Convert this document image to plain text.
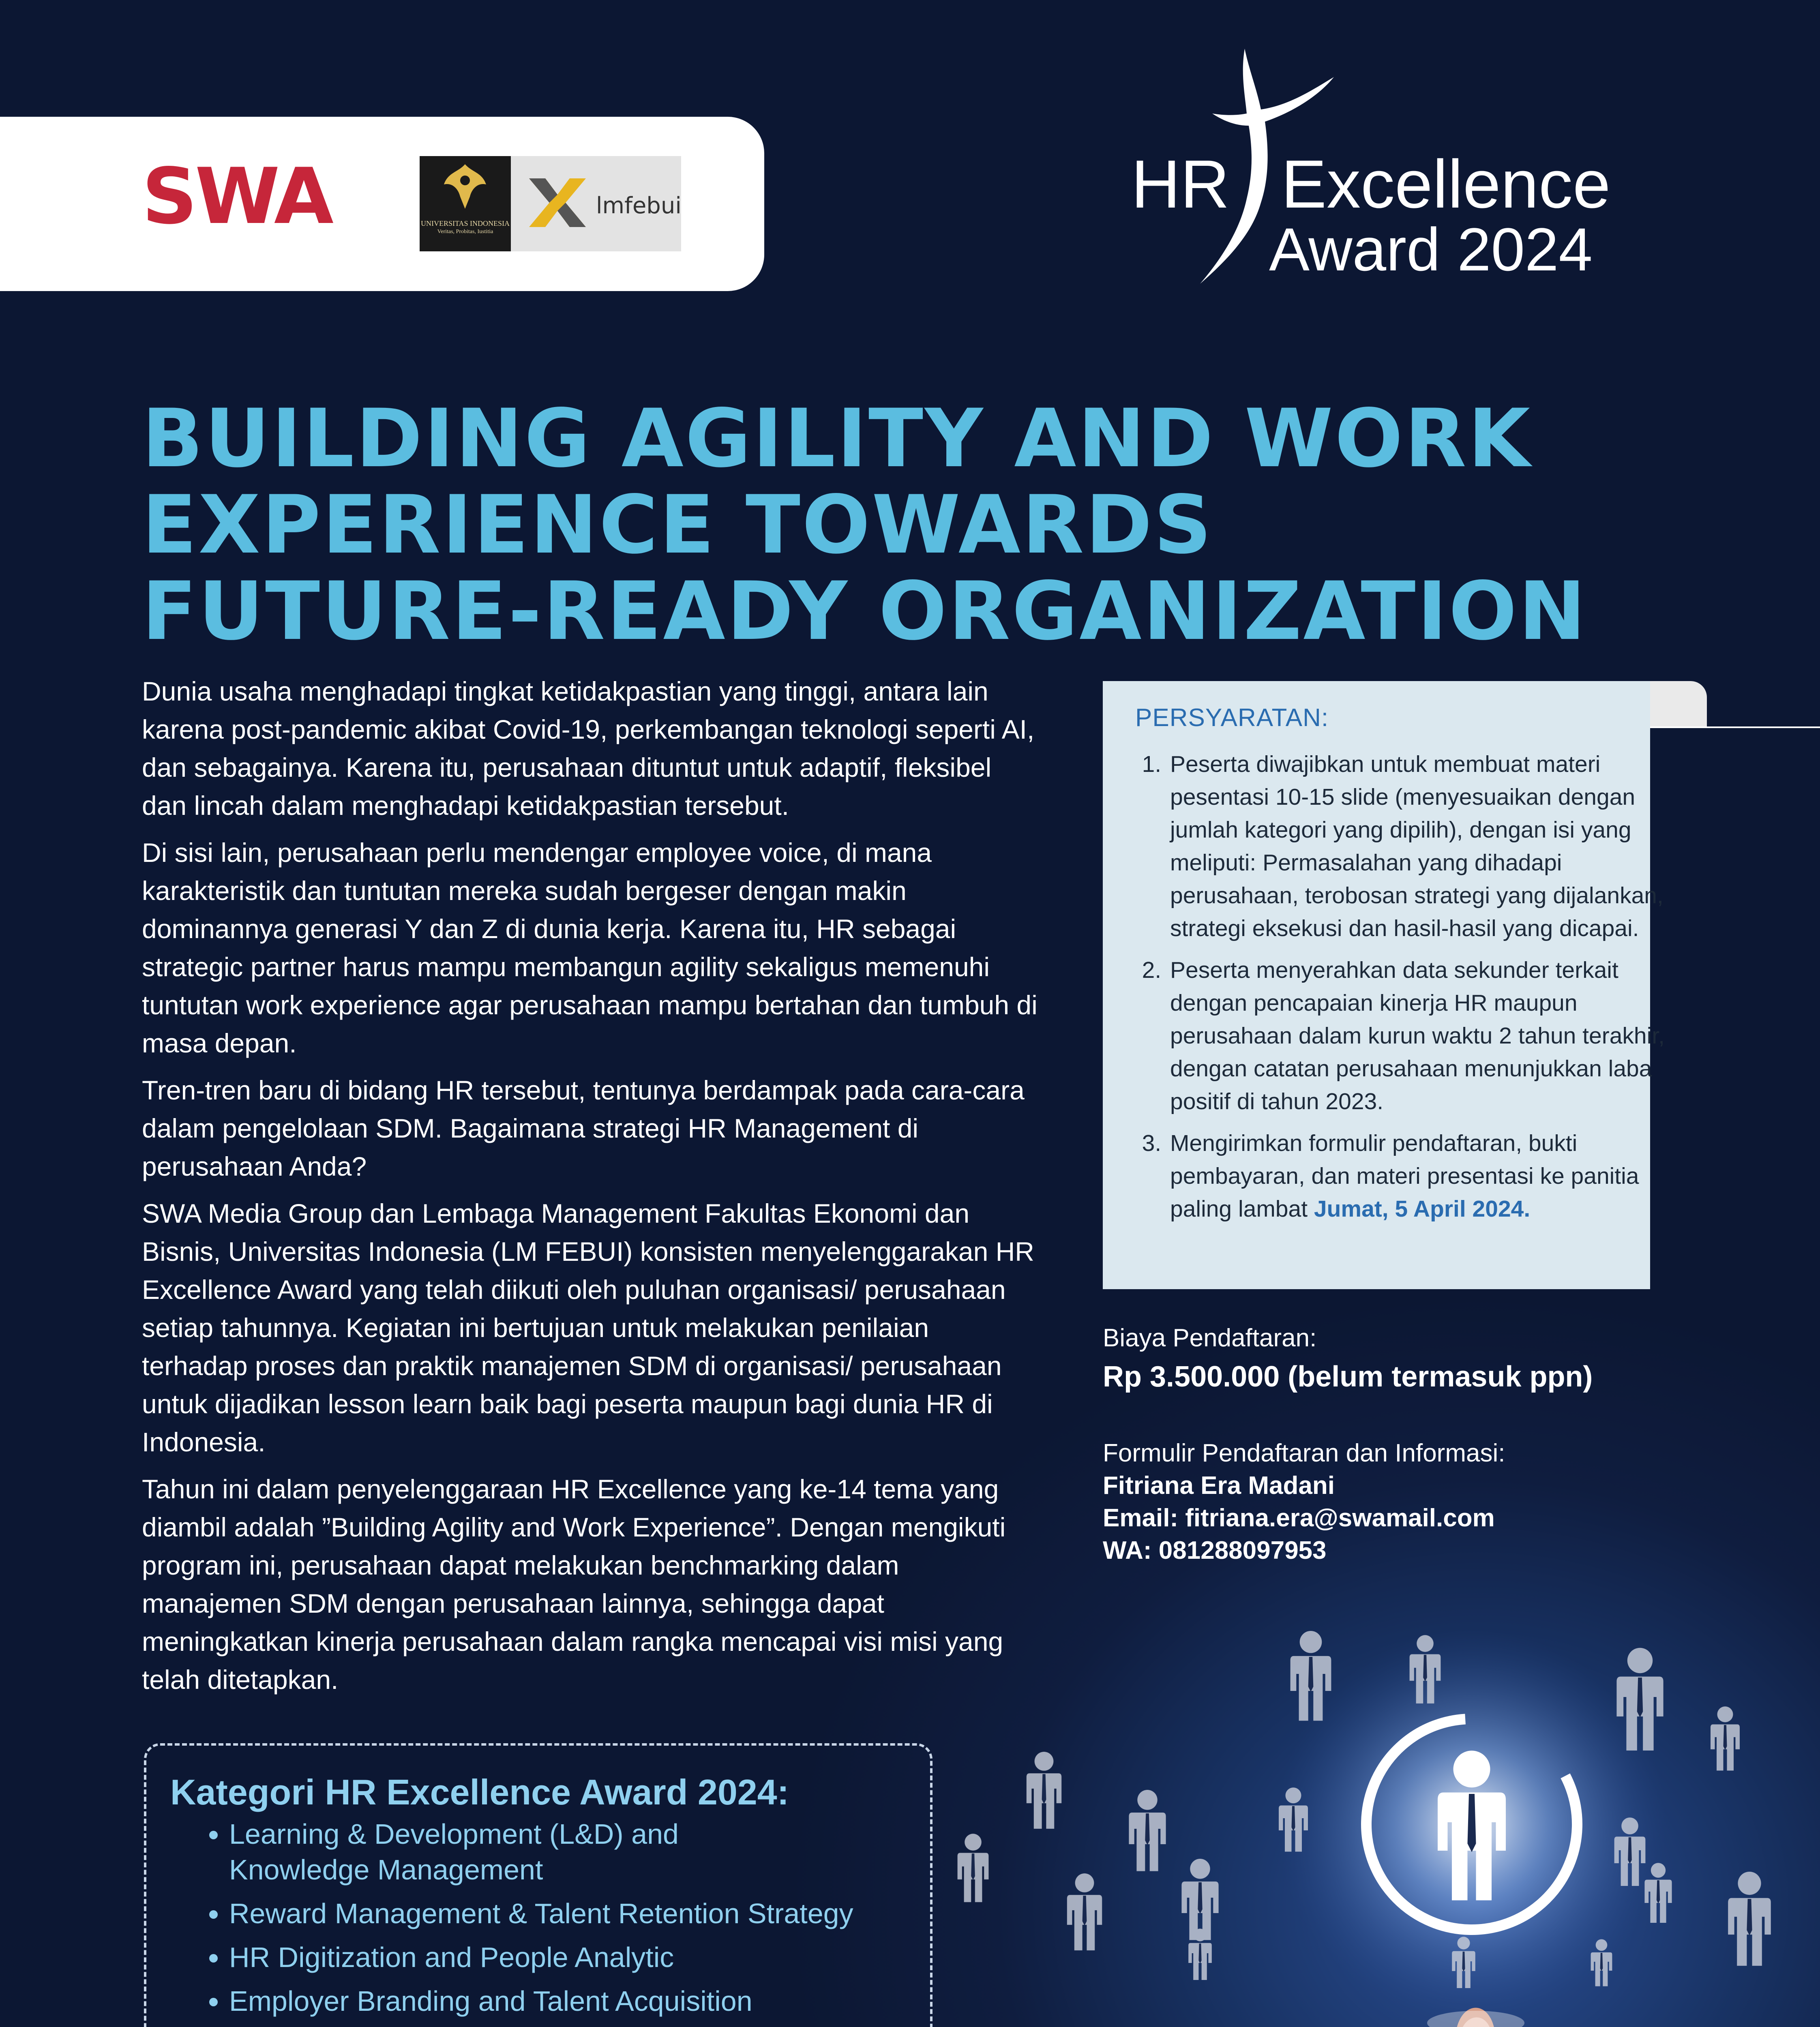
SWA	UNIVERSITAS INDONESIA
Veritas, Probitas, Iustitia
lmfebui	HR Excellence
Award 2024
BUILDING AGILITY AND WORK
EXPERIENCE TOWARDS
FUTURE-READY ORGANIZATION

Dunia usaha menghadapi tingkat ketidakpastian yang tinggi, antara lain karena post-pandemic akibat Covid-19, perkembangan teknologi seperti AI, dan sebagainya. Karena itu, perusahaan dituntut untuk adaptif, fleksibel dan lincah dalam menghadapi ketidakpastian tersebut.

Di sisi lain, perusahaan perlu mendengar employee voice, di mana karakteristik dan tuntutan mereka sudah bergeser dengan makin dominannya generasi Y dan Z di dunia kerja. Karena itu, HR sebagai strategic partner harus mampu membangun agility sekaligus memenuhi tuntutan work experience agar perusahaan mampu bertahan dan tumbuh di masa depan.

Tren-tren baru di bidang HR tersebut, tentunya berdampak pada cara-cara dalam pengelolaan SDM. Bagaimana strategi HR Management di perusahaan Anda?

SWA Media Group dan Lembaga Management Fakultas Ekonomi dan Bisnis, Universitas Indonesia (LM FEBUI) konsisten menyelenggarakan HR Excellence Award yang telah diikuti oleh puluhan organisasi/ perusahaan setiap tahunnya. Kegiatan ini bertujuan untuk melakukan penilaian terhadap proses dan praktik manajemen SDM di organisasi/ perusahaan untuk dijadikan lesson learn baik bagi peserta maupun bagi dunia HR di Indonesia.

Tahun ini dalam penyelenggaraan HR Excellence yang ke-14 tema yang diambil adalah ”Building Agility and Work Experience”. Dengan mengikuti program ini, perusahaan dapat melakukan benchmarking dalam manajemen SDM dengan perusahaan lainnya, sehingga dapat meningkatkan kinerja perusahaan dalam rangka mencapai visi misi yang telah ditetapkan.

PERSYARATAN:
1. Peserta diwajibkan untuk membuat materi pesentasi 10-15 slide (menyesuaikan dengan jumlah kategori yang dipilih), dengan isi yang meliputi: Permasalahan yang dihadapi perusahaan, terobosan strategi yang dijalankan, strategi eksekusi dan hasil-hasil yang dicapai.
2. Peserta menyerahkan data sekunder terkait dengan pencapaian kinerja HR maupun perusahaan dalam kurun waktu 2 tahun terakhir, dengan catatan perusahaan menunjukkan laba positif di tahun 2023.
3. Mengirimkan formulir pendaftaran, bukti pembayaran, dan materi presentasi ke panitia paling lambat Jumat, 5 April 2024.
Biaya Pendaftaran:
Rp 3.500.000 (belum termasuk ppn)
Formulir Pendaftaran dan Informasi:
Fitriana Era Madani
Email: fitriana.era@swamail.com
WA: 081288097953
Kategori HR Excellence Award 2024:
• Learning & Development (L&D) and Knowledge Management
• Reward Management & Talent Retention Strategy
• HR Digitization and People Analytic
• Employer Branding and Talent Acquisition
